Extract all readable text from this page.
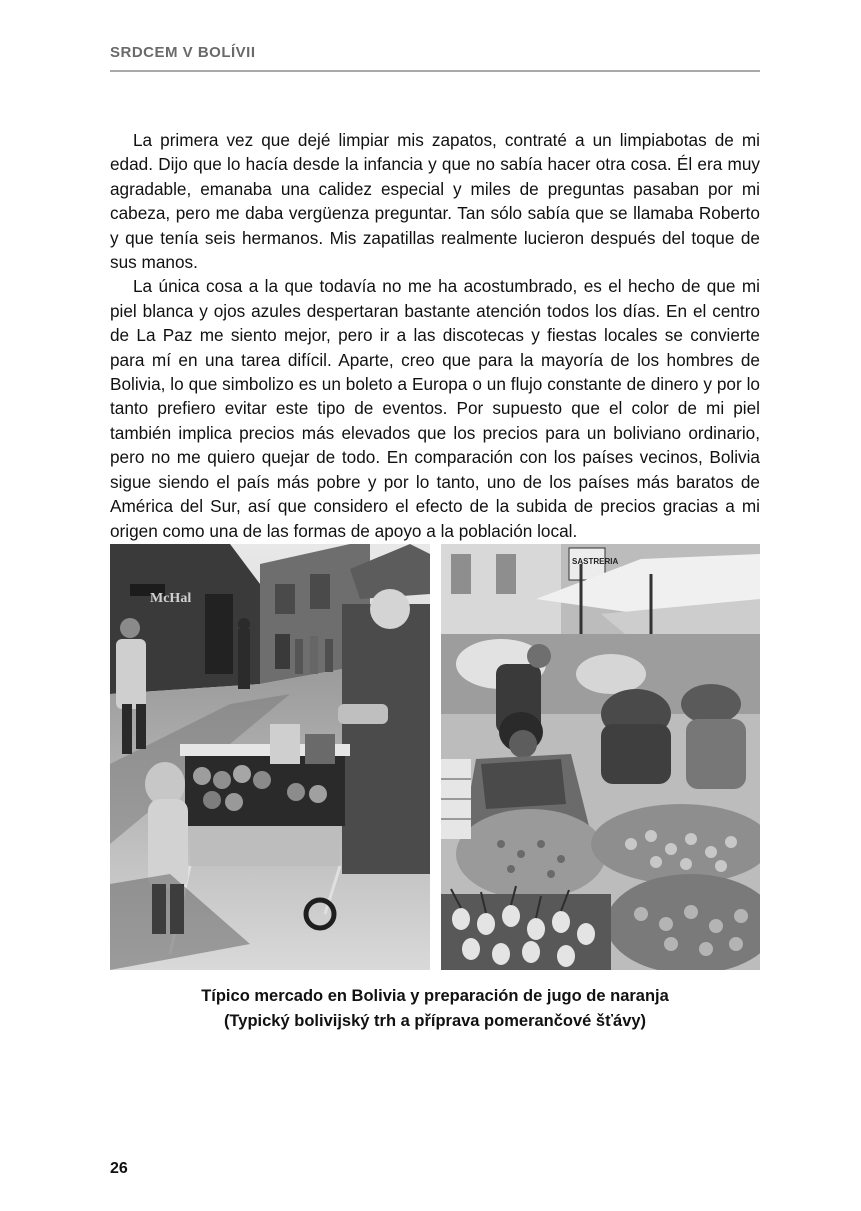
SRDCEM V BOLÍVII

La primera vez que dejé limpiar mis zapatos, contraté a un limpiabotas de mi edad. Dijo que lo hacía desde la infancia y que no sabía hacer otra cosa. Él era muy agradable, emanaba una calidez especial y miles de preguntas pasaban por mi cabeza, pero me daba vergüenza preguntar. Tan sólo sabía que se llamaba Roberto y que tenía seis hermanos. Mis zapatillas realmente lucieron después del toque de sus manos.

La única cosa a la que todavía no me ha acostumbrado, es el hecho de que mi piel blanca y ojos azules despertaran bastante atención todos los días. En el centro de La Paz me siento mejor, pero ir a las discotecas y fiestas locales se convierte para mí en una tarea difícil. Aparte, creo que para la mayoría de los hombres de Bolivia, lo que simbolizo es un boleto a Europa o un flujo constante de dinero y por lo tanto prefiero evitar este tipo de eventos. Por supuesto que el color de mi piel también implica precios más elevados que los precios para un boliviano ordinario, pero no me quiero quejar de todo. En comparación con los países vecinos, Bolivia sigue siendo el país más pobre y por lo tanto, uno de los países más baratos de América del Sur, así que considero el efecto de la subida de precios gracias a mi origen como una de las formas de apoyo a la población local.

McHal
SASTRERIA
Típico mercado en Bolivia y preparación de jugo de naranja
(Typický bolivijský trh a příprava pomerančové šťávy)
26
